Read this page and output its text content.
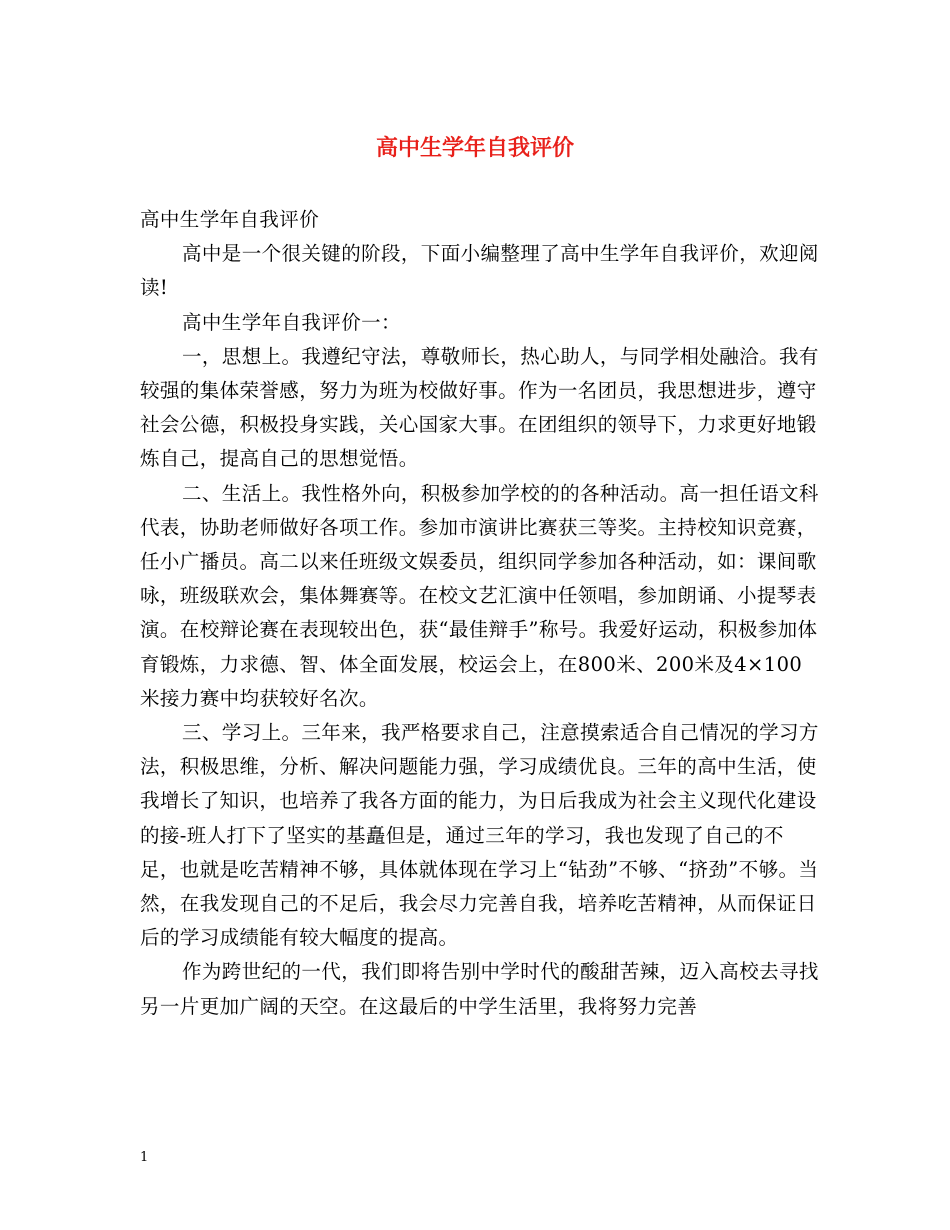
高中生学年自我评价

高中生学年自我评价

高中是一个很关键的阶段，下面小编整理了高中生学年自我评价，欢迎阅读!

高中生学年自我评价一：

一，思想上。我遵纪守法，尊敬师长，热心助人，与同学相处融洽。我有较强的集体荣誉感，努力为班为校做好事。作为一名团员，我思想进步，遵守社会公德，积极投身实践，关心国家大事。在团组织的领导下，力求更好地锻炼自己，提高自己的思想觉悟。

二、生活上。我性格外向，积极参加学校的的各种活动。高一担任语文科代表，协助老师做好各项工作。参加市演讲比赛获三等奖。主持校知识竞赛，任小广播员。高二以来任班级文娱委员，组织同学参加各种活动，如：课间歌咏，班级联欢会，集体舞赛等。在校文艺汇演中任领唱，参加朗诵、小提琴表演。在校辩论赛在表现较出色，获“最佳辩手”称号。我爱好运动，积极参加体育锻炼，力求德、智、体全面发展，校运会上，在800米、200米及4×100米接力赛中均获较好名次。

三、学习上。三年来，我严格要求自己，注意摸索适合自己情况的学习方法，积极思维，分析、解决问题能力强，学习成绩优良。三年的高中生活，使我增长了知识，也培养了我各方面的能力，为日后我成为社会主义现代化建设的接-班人打下了坚实的基矗但是，通过三年的学习，我也发现了自己的不足，也就是吃苦精神不够，具体就体现在学习上“钻劲”不够、“挤劲”不够。当然，在我发现自己的不足后，我会尽力完善自我，培养吃苦精神，从而保证日后的学习成绩能有较大幅度的提高。

作为跨世纪的一代，我们即将告别中学时代的酸甜苦辣，迈入高校去寻找另一片更加广阔的天空。在这最后的中学生活里，我将努力完善

1
